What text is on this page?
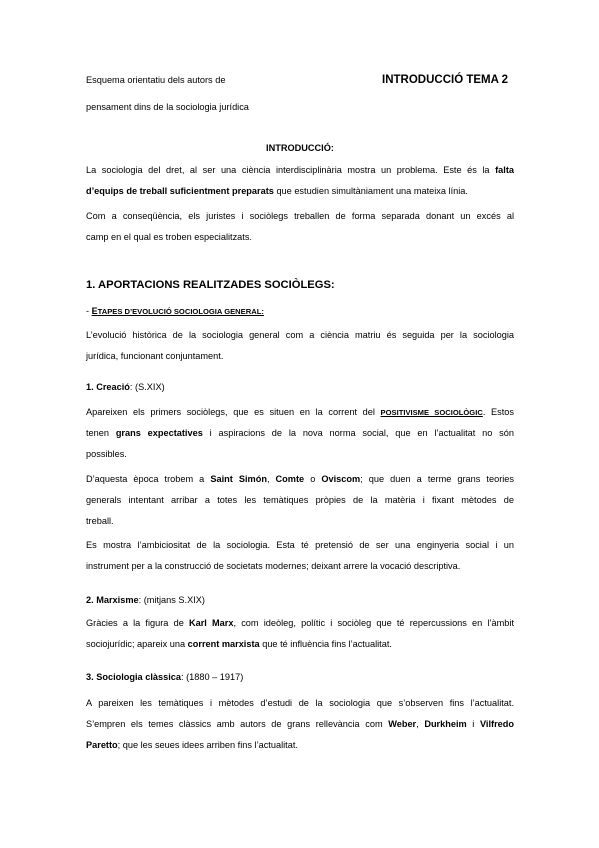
Esquema orientatiu dels autors de	INTRODUCCIÓ TEMA 2
pensament dins de la sociologia jurídica
INTRODUCCIÓ:
La sociologia del dret, al ser una ciència interdisciplinària mostra un problema. Este és la falta
d’equips de treball suficientment preparats que estudien simultàniament una mateixa línia.
Com a conseqüència, els juristes i sociòlegs treballen de forma separada donant un excés al
camp en el qual es troben especialitzats.
1. APORTACIONS REALITZADES SOCIÒLEGS:
- ETAPES D’EVOLUCIÓ SOCIOLOGIA GENERAL:
L’evolució històrica de la sociologia general com a ciència matriu és seguida per la sociologia
jurídica, funcionant conjuntament.
1. Creació: (S.XIX)
Apareixen els primers sociòlegs, que es situen en la corrent del POSITIVISME SOCIOLÒGIC. Estos
tenen grans expectatives i aspiracions de la nova norma social, que en l’actualitat no són
possibles.
D’aquesta època trobem a Saint Simón, Comte o Oviscom; que duen a terme grans teories
generals intentant arribar a totes les temàtiques pròpies de la matèria i fixant mètodes de
treball.
Es mostra l’ambiciositat de la sociologia. Esta té pretensió de ser una enginyeria social i un
instrument per a la construcció de societats modernes; deixant arrere la vocació descriptiva.
2. Marxisme: (mitjans S.XIX)
Gràcies a la figura de Karl Marx, com ideòleg, polític i sociòleg que té repercussions en l’àmbit
sociojurídic; apareix una corrent marxista que té influència fins l’actualitat.
3. Sociologia clàssica: (1880 – 1917)
A pareixen les temàtiques i mètodes d’estudi de la sociologia que s’observen fins l’actualitat.
S’empren els temes clàssics amb autors de grans rellevància com Weber, Durkheim i Vilfredo
Paretto; que les seues idees arriben fins l’actualitat.
